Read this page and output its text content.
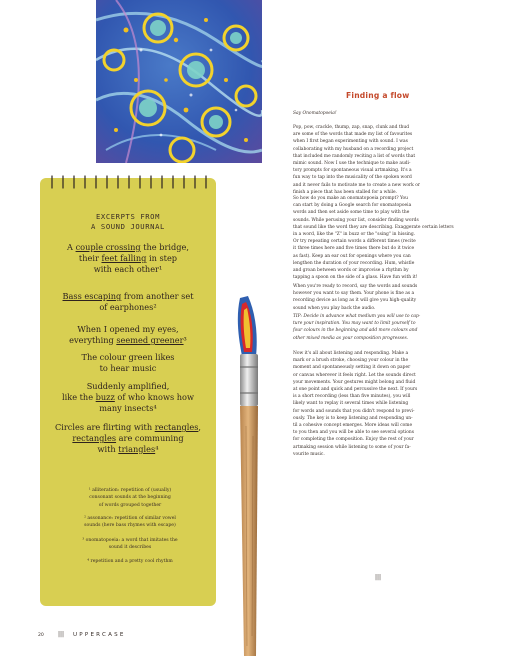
EXCERPTS FROM
A SOUND JOURNAL
A couple crossing the bridge,
their feet falling in step
with each other¹
Bass escaping from another set
of earphones²
When I opened my eyes,
everything seemed greener³
The colour green likes
to hear music
Suddenly amplified,
like the buzz of who knows how
many insects⁴
Circles are flirting with rectangles,
rectangles are communing
with triangles⁴
¹ alliteration: repetition of (usually)
consonant sounds at the beginning
of words grouped together
² assonance: repetition of similar vowel
sounds (here bass rhymes with escape)
³ onomatopoeia: a word that imitates the
sound it describes
⁴ repetition and a pretty cool rhythm
Finding a flow
Say Onomatopoeia!
Pop, pow, crackle, thump, zap, snap, clunk and thud
are some of the words that made my list of favourites
when I first began experimenting with sound. I was
collaborating with my husband on a recording project
that included me randomly reciting a list of words that
mimic sound. Now I use the technique to make audi-
tory prompts for spontaneous visual artmaking. It's a
fun way to tap into the musicality of the spoken word
and it never fails to motivate me to create a new work or
finish a piece that has been stalled for a while.
So how do you make an onomatopoeia prompt? You
can start by doing a Google search for onomatopoeia
words and then set aside some time to play with the
sounds. While perusing your list, consider finding words
that sound like the word they are describing. Exaggerate certain letters
in a word, like the "Z" in buzz or the "ssing" in hissing.
Or try repeating certain words a different times (recite
it three times here and five times there but do it twice
as fast). Keep an ear out for openings where you can
lengthen the duration of your recording. Hum, whistle
and groan between words or improvise a rhythm by
tapping a spoon on the side of a glass. Have fun with it!
When you're ready to record, say the words and sounds
however you want to say them. Your phone is fine as a
recording device as long as it will give you high-quality
sound when you play back the audio.
TIP: Decide in advance what medium you will use to cap-
ture your inspiration. You may want to limit yourself to
four colours in the beginning and add more colours and
other mixed media as your composition progresses.
Now it's all about listening and responding. Make a
mark or a brush stroke, choosing your colour in the
moment and spontaneously setting it down on paper
or canvas wherever it feels right. Let the sounds direct
your movements. Your gestures might belong and fluid
at one point and quick and percussive the next. If yours
is a short recording (less than five minutes), you will
likely want to replay it several times while listening
for words and sounds that you didn't respond to previ-
ously. The key is to keep listening and responding un-
til a cohesive concept emerges. More ideas will come
to you then and you will be able to see several options
for completing the composition. Enjoy the rest of your
artmaking session while listening to some of your fa-
vourite music.
|||
20 ||| UPPERCASE
